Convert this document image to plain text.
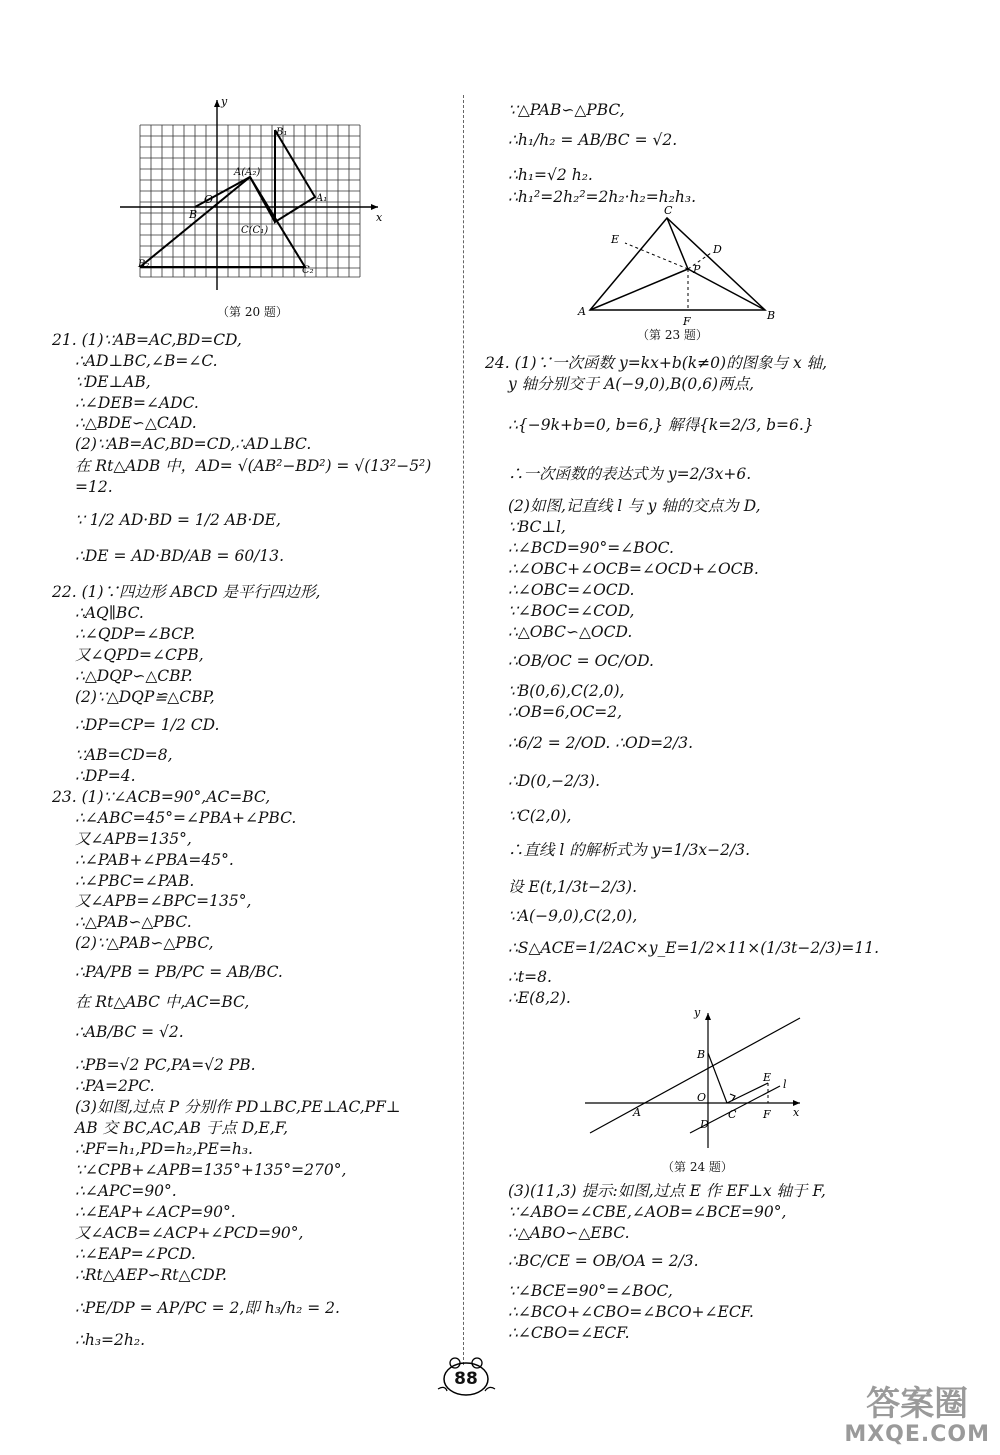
y
x
O
B
A(A₂)
A₁
B₁
B₂
C(C₁)
C₂
（第 20 题）
21. (1)∵AB=AC,BD=CD,
∴AD⊥BC,∠B=∠C.
∵DE⊥AB,
∴∠DEB=∠ADC.
∴△BDE∽△CAD.
(2)∵AB=AC,BD=CD,∴AD⊥BC.
在 Rt△ADB 中，AD= √(AB²−BD²) = √(13²−5²)
=12.
∵ 1/2 AD·BD = 1/2 AB·DE,
∴DE = AD·BD/AB = 60/13.
22. (1)∵四边形 ABCD 是平行四边形,
∴AQ∥BC.
∴∠QDP=∠BCP.
又∠QPD=∠CPB,
∴△DQP∽△CBP.
(2)∵△DQP≌△CBP,
∴DP=CP= 1/2 CD.
∵AB=CD=8,
∴DP=4.
23. (1)∵∠ACB=90°,AC=BC,
∴∠ABC=45°=∠PBA+∠PBC.
又∠APB=135°,
∴∠PAB+∠PBA=45°.
∴∠PBC=∠PAB.
又∠APB=∠BPC=135°,
∴△PAB∽△PBC.
(2)∵△PAB∽△PBC,
∴PA/PB = PB/PC = AB/BC.
在 Rt△ABC 中,AC=BC,
∴AB/BC = √2.
∴PB=√2 PC,PA=√2 PB.
∴PA=2PC.
(3)如图,过点 P 分别作 PD⊥BC,PE⊥AC,PF⊥
AB 交 BC,AC,AB 于点 D,E,F,
∴PF=h₁,PD=h₂,PE=h₃.
∵∠CPB+∠APB=135°+135°=270°,
∴∠APC=90°.
∴∠EAP+∠ACP=90°.
又∠ACB=∠ACP+∠PCD=90°,
∴∠EAP=∠PCD.
∴Rt△AEP∽Rt△CDP.
∴PE/DP = AP/PC = 2,即 h₃/h₂ = 2.
∴h₃=2h₂.
∵△PAB∽△PBC,
∴h₁/h₂ = AB/BC = √2.
∴h₁=√2 h₂.
∴h₁²=2h₂²=2h₂·h₂=h₂h₃.
C
E
D
P
A	B
F
（第 23 题）
24. (1)∵一次函数 y=kx+b(k≠0)的图象与 x 轴,
y 轴分别交于 A(−9,0),B(0,6)两点,
∴{−9k+b=0, b=6,} 解得{k=2/3, b=6.}
∴一次函数的表达式为 y=2/3x+6.
(2)如图,记直线 l 与 y 轴的交点为 D,
∵BC⊥l,
∴∠BCD=90°=∠BOC.
∴∠OBC+∠OCB=∠OCD+∠OCB.
∴∠OBC=∠OCD.
∵∠BOC=∠COD,
∴△OBC∽△OCD.
∴OB/OC = OC/OD.
∵B(0,6),C(2,0),
∴OB=6,OC=2,
∴6/2 = 2/OD. ∴OD=2/3.
∴D(0,−2/3).
∵C(2,0),
∴直线 l 的解析式为 y=1/3x−2/3.
设 E(t,1/3t−2/3).
∵A(−9,0),C(2,0),
∴S△ACE=1/2AC×y_E=1/2×11×(1/3t−2/3)=11.
∴t=8.
∴E(8,2).
y
x
B
O
A	C
D
E
F
l
（第 24 题）
(3)(11,3) 提示:如图,过点 E 作 EF⊥x 轴于 F,
∵∠ABO=∠CBE,∠AOB=∠BCE=90°,
∴△ABO∽△EBC.
∴BC/CE = OB/OA = 2/3.
∵∠BCE=90°=∠BOC,
∴∠BCO+∠CBO=∠BCO+∠ECF.
∴∠CBO=∠ECF.
88
答案圈
MXQE.COM
